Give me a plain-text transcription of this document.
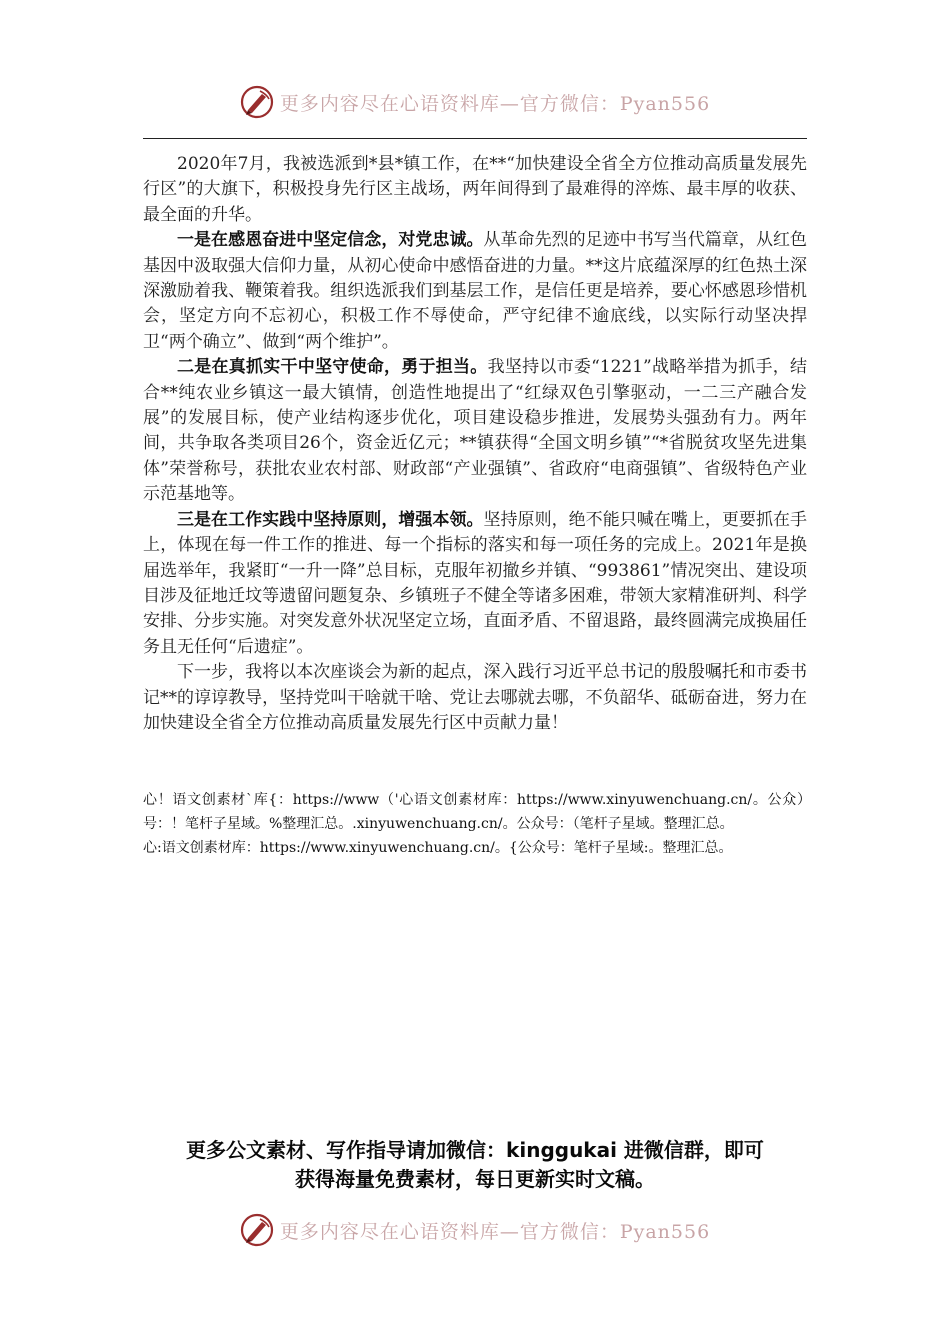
更多内容尽在心语资料库—官方微信：Pyan556

2020年7月，我被选派到*县*镇工作，在**“加快建设全省全方位推动高质量发展先行区”的大旗下，积极投身先行区主战场，两年间得到了最难得的淬炼、最丰厚的收获、最全面的升华。

一是在感恩奋进中坚定信念，对党忠诚。从革命先烈的足迹中书写当代篇章，从红色基因中汲取强大信仰力量，从初心使命中感悟奋进的力量。**这片底蕴深厚的红色热土深深激励着我、鞭策着我。组织选派我们到基层工作，是信任更是培养，要心怀感恩珍惜机会，坚定方向不忘初心，积极工作不辱使命，严守纪律不逾底线，以实际行动坚决捍卫“两个确立”、做到“两个维护”。

二是在真抓实干中坚守使命，勇于担当。我坚持以市委“1221”战略举措为抓手，结合**纯农业乡镇这一最大镇情，创造性地提出了“红绿双色引擎驱动，一二三产融合发展”的发展目标，使产业结构逐步优化，项目建设稳步推进，发展势头强劲有力。两年间，共争取各类项目26个，资金近亿元；**镇获得“全国文明乡镇”“*省脱贫攻坚先进集体”荣誉称号，获批农业农村部、财政部“产业强镇”、省政府“电商强镇”、省级特色产业示范基地等。

三是在工作实践中坚持原则，增强本领。坚持原则，绝不能只喊在嘴上，更要抓在手上，体现在每一件工作的推进、每一个指标的落实和每一项任务的完成上。2021年是换届选举年，我紧盯“一升一降”总目标，克服年初撤乡并镇、“993861”情况突出、建设项目涉及征地迁坟等遗留问题复杂、乡镇班子不健全等诸多困难，带领大家精准研判、科学安排、分步实施。对突发意外状况坚定立场，直面矛盾、不留退路，最终圆满完成换届任务且无任何“后遗症”。

下一步，我将以本次座谈会为新的起点，深入践行习近平总书记的殷殷嘱托和市委书记**的谆谆教导，坚持党叫干啥就干啥、党让去哪就去哪，不负韶华、砥砺奋进，努力在加快建设全省全方位推动高质量发展先行区中贡献力量！

心！语文创素材`库{：https://www（'心语文创素材库：https://www.xinyuwenchuang.cn/。公众）号：！笔杆子星域。%整理汇总。.xinyuwenchuang.cn/。公众号：（笔杆子星域。整理汇总。

心:语文创素材库：https://www.xinyuwenchuang.cn/。{公众号：笔杆子星域:。整理汇总。

更多公文素材、写作指导请加微信：kinggukai 进微信群，即可
获得海量免费素材，每日更新实时文稿。
更多内容尽在心语资料库—官方微信：Pyan556
